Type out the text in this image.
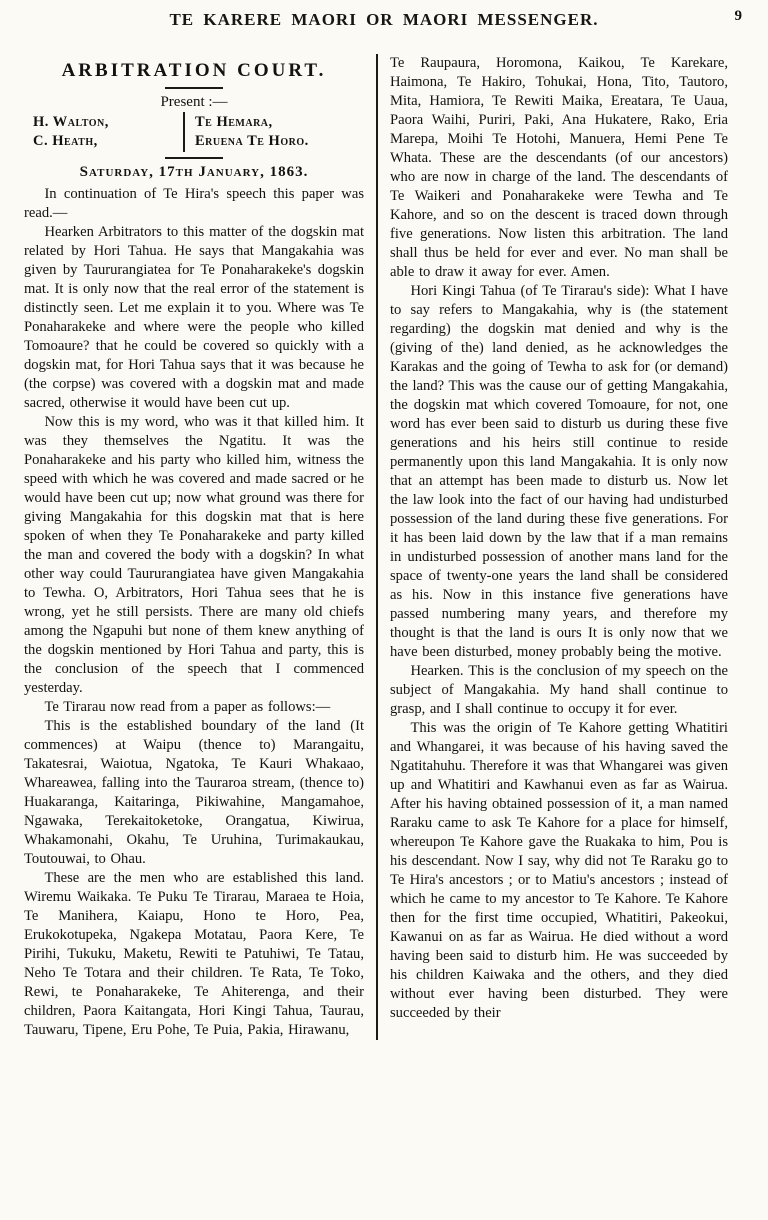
TE KARERE MAORI OR MAORI MESSENGER.	9
ARBITRATION COURT.
Present :—
H. Walton,
C. Heath,
Te Hemara,
Eruena Te Horo.
Saturday, 17th January, 1863.

In continuation of Te Hira's speech this paper was read.—

Hearken Arbitrators to this matter of the dogskin mat related by Hori Tahua. He says that Mangakahia was given by Taururangiatea for Te Ponaharakeke's dogskin mat. It is only now that the real error of the statement is distinctly seen. Let me explain it to you. Where was Te Ponaharakeke and where were the people who killed Tomoaure? that he could be covered so quickly with a dogskin mat, for Hori Tahua says that it was because he (the corpse) was covered with a dogskin mat and made sacred, otherwise it would have been cut up.

Now this is my word, who was it that killed him. It was they themselves the Ngatitu. It was the Ponaharakeke and his party who killed him, witness the speed with which he was covered and made sacred or he would have been cut up; now what ground was there for giving Mangakahia for this dogskin mat that is here spoken of when they Te Ponaharakeke and party killed the man and covered the body with a dogskin? In what other way could Taururangiatea have given Mangakahia to Tewha. O, Arbitrators, Hori Tahua sees that he is wrong, yet he still persists. There are many old chiefs among the Ngapuhi but none of them knew anything of the dogskin mentioned by Hori Tahua and party, this is the conclusion of the speech that I commenced yesterday.

Te Tirarau now read from a paper as follows:—

This is the established boundary of the land (It commences) at Waipu (thence to) Marangaitu, Takatesrai, Waiotua, Ngatoka, Te Kauri Whakaao, Whareawea, falling into the Tauraroa stream, (thence to) Huakaranga, Kaitaringa, Pikiwahine, Mangamahoe, Ngawaka, Terekaitoketoke, Orangatua, Kiwirua, Whakamonahi, Okahu, Te Uruhina, Turimakaukau, Toutouwai, to Ohau.

These are the men who are established this land. Wiremu Waikaka. Te Puku Te Tirarau, Maraea te Hoia, Te Manihera, Kaiapu, Hono te Horo, Pea, Erukokotupeka, Ngakepa Motatau, Paora Kere, Te Pirihi, Tukuku, Maketu, Rewiti te Patuhiwi, Te Tatau, Neho Te Totara and their children. Te Rata, Te Toko, Rewi, te Ponaharakeke, Te Ahiterenga, and their children, Paora Kaitangata, Hori Kingi Tahua, Taurau, Tauwaru, Tipene, Eru Pohe, Te Puia, Pakia, Hirawanu,

Te Raupaura, Horomona, Kaikou, Te Karekare, Haimona, Te Hakiro, Tohukai, Hona, Tito, Tautoro, Mita, Hamiora, Te Rewiti Maika, Ereatara, Te Uaua, Paora Waihi, Puriri, Paki, Ana Hukatere, Rako, Eria Marepa, Moihi Te Hotohi, Manuera, Hemi Pene Te Whata. These are the descendants (of our ancestors) who are now in charge of the land. The descendants of Te Waikeri and Ponaharakeke were Tewha and Te Kahore, and so on the descent is traced down through five generations. Now listen this arbitration. The land shall thus be held for ever and ever. No man shall be able to draw it away for ever. Amen.

Hori Kingi Tahua (of Te Tirarau's side): What I have to say refers to Mangakahia, why is (the statement regarding) the dogskin mat denied and why is the (giving of the) land denied, as he acknowledges the Karakas and the going of Tewha to ask for (or demand) the land? This was the cause our of getting Mangakahia, the dogskin mat which covered Tomoaure, for not, one word has ever been said to disturb us during these five generations and his heirs still continue to reside permanently upon this land Mangakahia. It is only now that an attempt has been made to disturb us. Now let the law look into the fact of our having had undisturbed possession of the land during these five generations. For it has been laid down by the law that if a man remains in undisturbed possession of another mans land for the space of twenty-one years the land shall be considered as his. Now in this instance five generations have passed numbering many years, and therefore my thought is that the land is ours It is only now that we have been disturbed, money probably being the motive.

Hearken. This is the conclusion of my speech on the subject of Mangakahia. My hand shall continue to grasp, and I shall continue to occupy it for ever.

This was the origin of Te Kahore getting Whatitiri and Whangarei, it was because of his having saved the Ngatitahuhu. Therefore it was that Whangarei was given up and Whatitiri and Kawhanui even as far as Wairua. After his having obtained possession of it, a man named Raraku came to ask Te Kahore for a place for himself, whereupon Te Kahore gave the Ruakaka to him, Pou is his descendant. Now I say, why did not Te Raraku go to Te Hira's ancestors ; or to Matiu's ancestors ; instead of which he came to my ancestor to Te Kahore. Te Kahore then for the first time occupied, Whatitiri, Pakeokui, Kawanui on as far as Wairua. He died without a word having been said to disturb him. He was succeeded by his children Kaiwaka and the others, and they died without ever having been disturbed. They were succeeded by their
